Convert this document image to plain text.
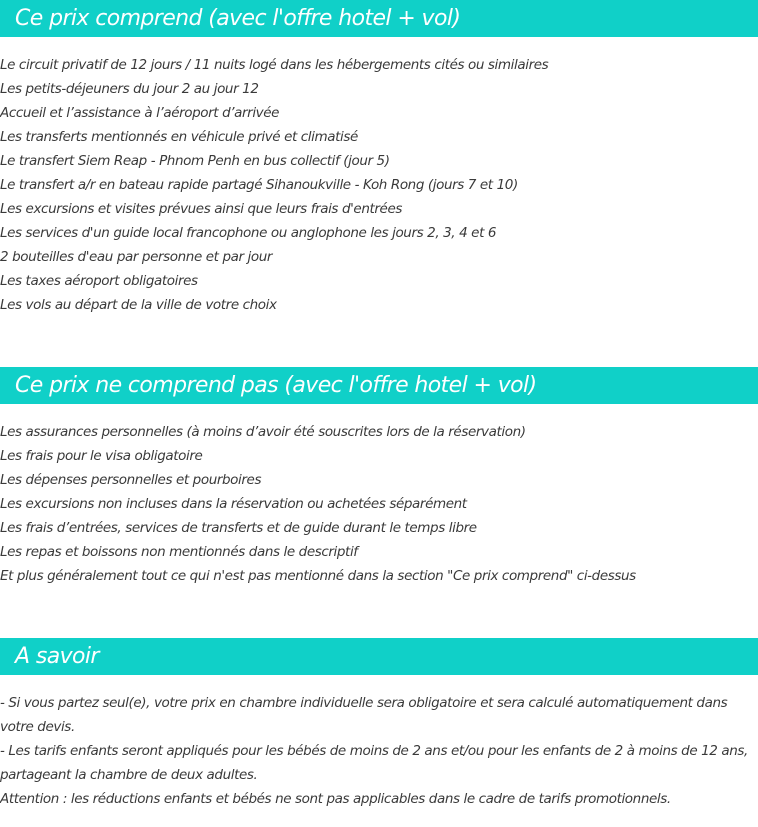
Ce prix comprend (avec l'offre hotel + vol)
Le circuit privatif de 12 jours / 11 nuits logé dans les hébergements cités ou similaires
Les petits-déjeuners du jour 2 au jour 12
Accueil et l’assistance à l’aéroport d’arrivée
Les transferts mentionnés en véhicule privé et climatisé
Le transfert Siem Reap - Phnom Penh en bus collectif (jour 5)
Le transfert a/r en bateau rapide partagé Sihanoukville - Koh Rong (jours 7 et 10)
Les excursions et visites prévues ainsi que leurs frais d'entrées
Les services d'un guide local francophone ou anglophone les jours 2, 3, 4 et 6
2 bouteilles d'eau par personne et par jour
Les taxes aéroport obligatoires
Les vols au départ de la ville de votre choix
Ce prix ne comprend pas (avec l'offre hotel + vol)
Les assurances personnelles (à moins d’avoir été souscrites lors de la réservation)
Les frais pour le visa obligatoire
Les dépenses personnelles et pourboires
Les excursions non incluses dans la réservation ou achetées séparément
Les frais d’entrées, services de transferts et de guide durant le temps libre
Les repas et boissons non mentionnés dans le descriptif
Et plus généralement tout ce qui n'est pas mentionné dans la section "Ce prix comprend" ci-dessus
A savoir

- Si vous partez seul(e), votre prix en chambre individuelle sera obligatoire et sera calculé automatiquement dans votre devis.

- Les tarifs enfants seront appliqués pour les bébés de moins de 2 ans et/ou pour les enfants de 2 à moins de 12 ans, partageant la chambre de deux adultes.

Attention : les réductions enfants et bébés ne sont pas applicables dans le cadre de tarifs promotionnels.
